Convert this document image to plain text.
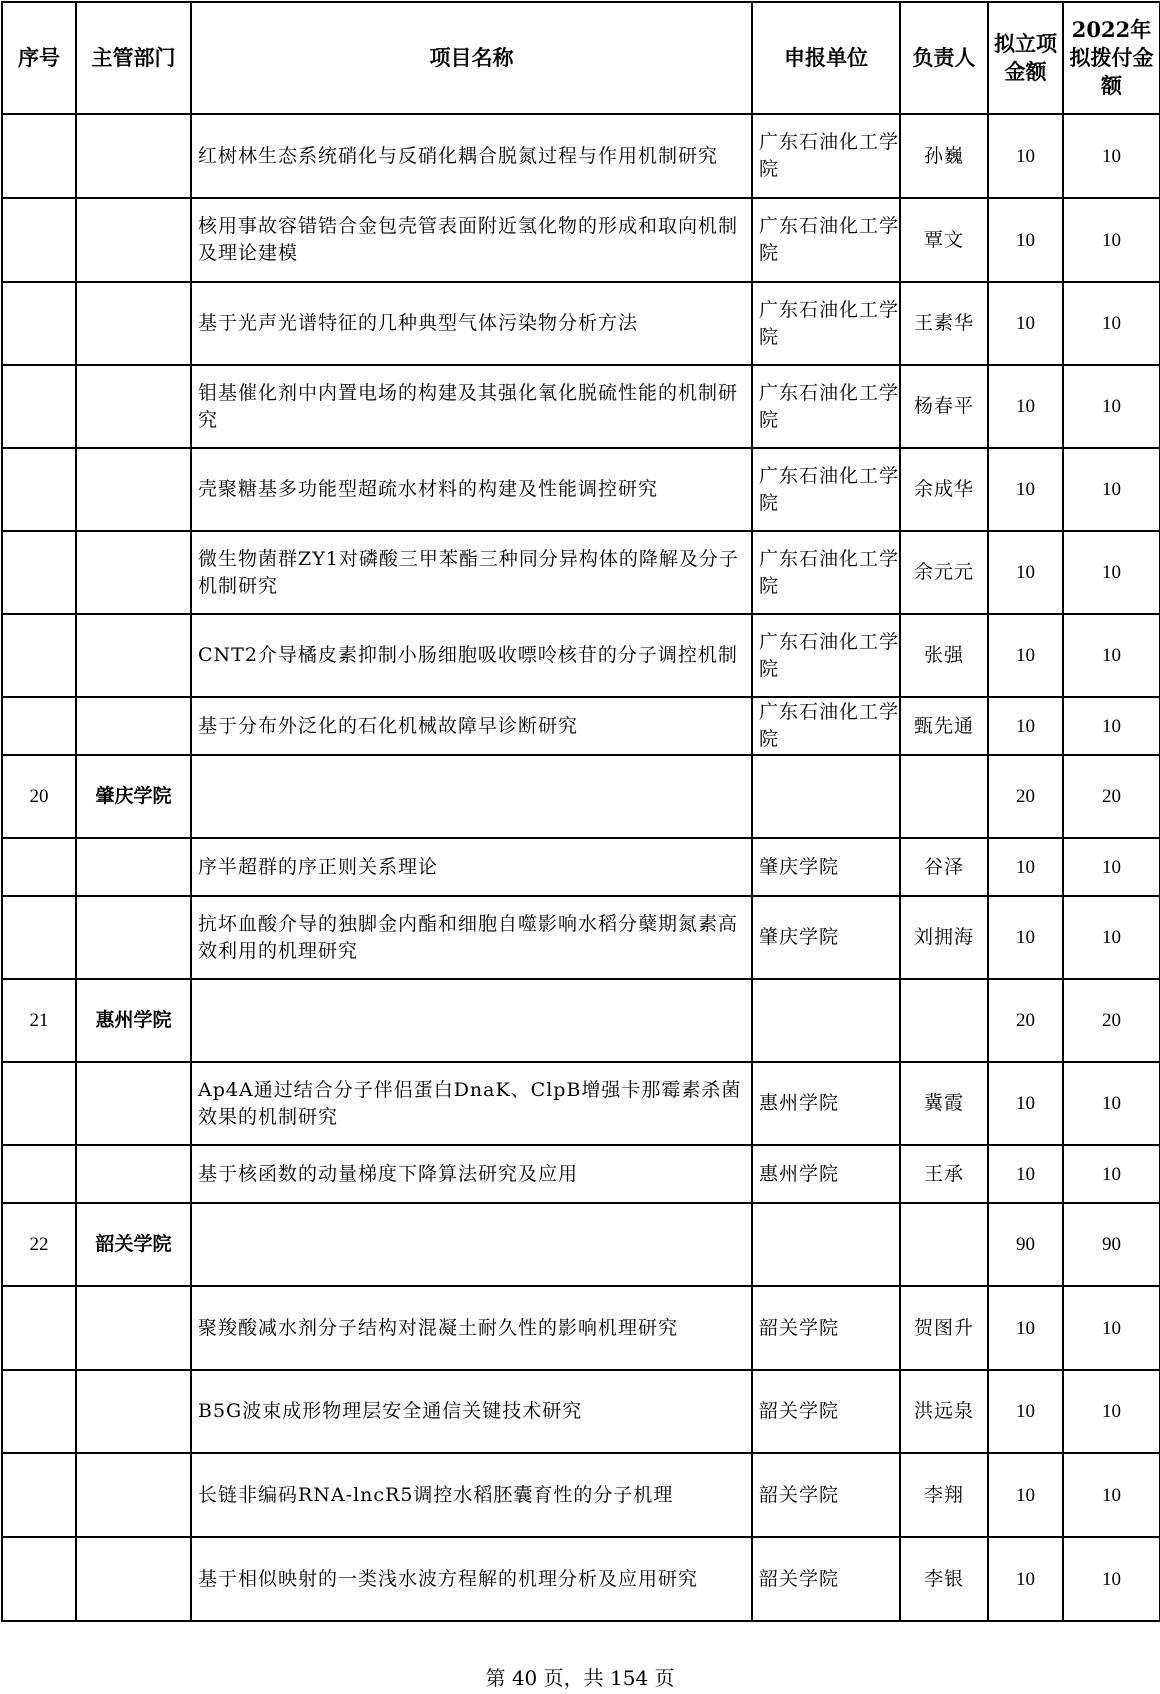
序号	主管部门	项目名称	申报单位	负责人	拟立项金额	2022年拟拨付金额
		红树林生态系统硝化与反硝化耦合脱氮过程与作用机制研究	广东石油化工学院	孙巍	10	10
		核用事故容错锆合金包壳管表面附近氢化物的形成和取向机制及理论建模	广东石油化工学院	覃文	10	10
		基于光声光谱特征的几种典型气体污染物分析方法	广东石油化工学院	王素华	10	10
		钼基催化剂中内置电场的构建及其强化氧化脱硫性能的机制研究	广东石油化工学院	杨春平	10	10
		壳聚糖基多功能型超疏水材料的构建及性能调控研究	广东石油化工学院	余成华	10	10
		微生物菌群ZY1对磷酸三甲苯酯三种同分异构体的降解及分子机制研究	广东石油化工学院	余元元	10	10
		CNT2介导橘皮素抑制小肠细胞吸收嘌呤核苷的分子调控机制	广东石油化工学院	张强	10	10
		基于分布外泛化的石化机械故障早诊断研究	广东石油化工学院	甄先通	10	10
20	肇庆学院				20	20
		序半超群的序正则关系理论	肇庆学院	谷泽	10	10
		抗坏血酸介导的独脚金内酯和细胞自噬影响水稻分蘖期氮素高效利用的机理研究	肇庆学院	刘拥海	10	10
21	惠州学院				20	20
		Ap4A通过结合分子伴侣蛋白DnaK、ClpB增强卡那霉素杀菌效果的机制研究	惠州学院	冀霞	10	10
		基于核函数的动量梯度下降算法研究及应用	惠州学院	王承	10	10
22	韶关学院				90	90
		聚羧酸减水剂分子结构对混凝土耐久性的影响机理研究	韶关学院	贺图升	10	10
		B5G波束成形物理层安全通信关键技术研究	韶关学院	洪远泉	10	10
		长链非编码RNA-lncR5调控水稻胚囊育性的分子机理	韶关学院	李翔	10	10
		基于相似映射的一类浅水波方程解的机理分析及应用研究	韶关学院	李银	10	10
第 40 页，共 154 页
